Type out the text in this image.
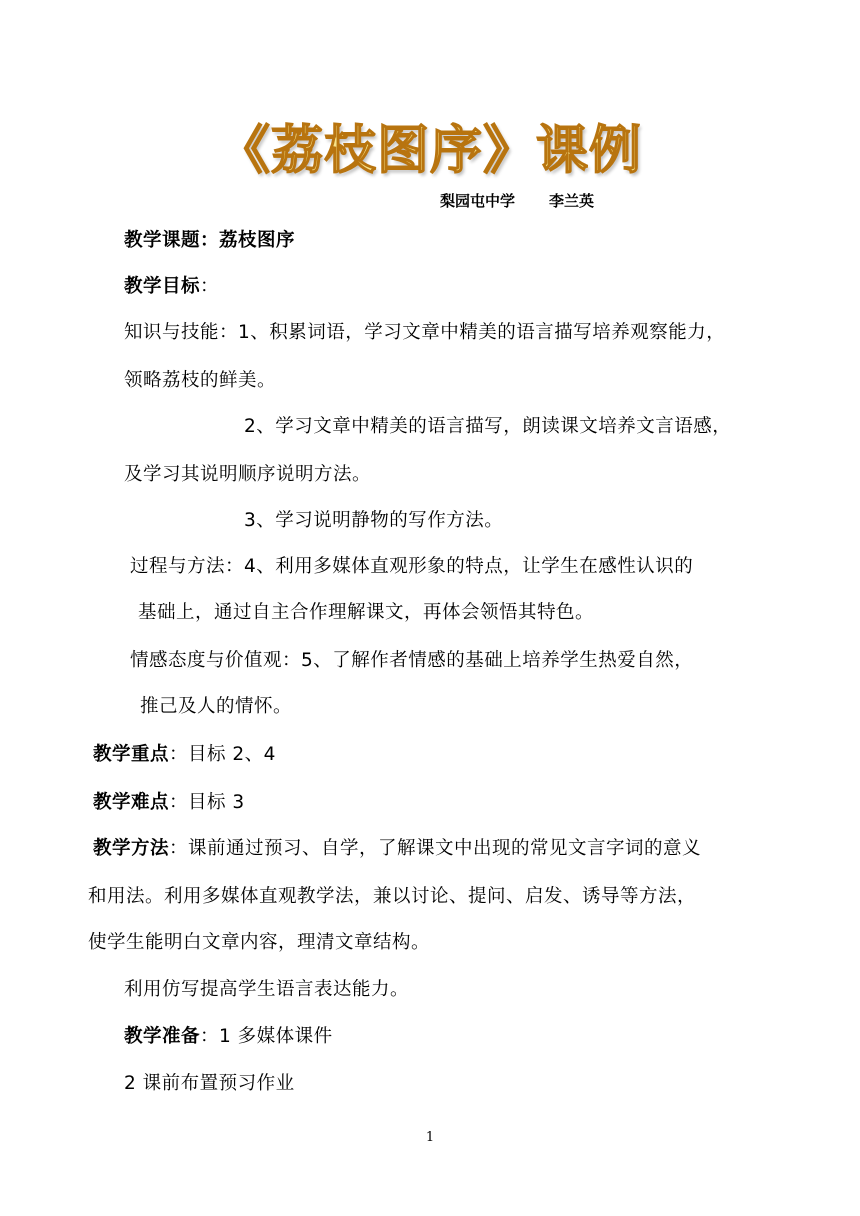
《荔枝图序》课例
梨园屯中学 李兰英
教学课题：荔枝图序
教学目标：
知识与技能：1、积累词语，学习文章中精美的语言描写培养观察能力，
领略荔枝的鲜美。
2、学习文章中精美的语言描写，朗读课文培养文言语感，
及学习其说明顺序说明方法。
3、学习说明静物的写作方法。
过程与方法：4、利用多媒体直观形象的特点，让学生在感性认识的
基础上，通过自主合作理解课文，再体会领悟其特色。
情感态度与价值观：5、了解作者情感的基础上培养学生热爱自然，
推己及人的情怀。
教学重点：目标 2、4
教学难点：目标 3
教学方法：课前通过预习、自学，了解课文中出现的常见文言字词的意义
和用法。利用多媒体直观教学法，兼以讨论、提问、启发、诱导等方法，
使学生能明白文章内容，理清文章结构。
利用仿写提高学生语言表达能力。
教学准备：1 多媒体课件
2 课前布置预习作业
1
